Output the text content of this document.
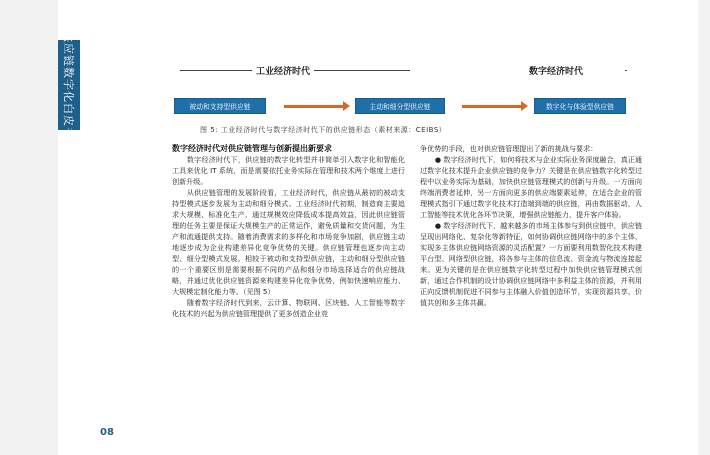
供应链数字化白皮书	工业经济时代	数字经济时代
被动和支持型供应链	主动和细分型供应链	数字化与体验型供应链
图 5: 工业经济时代与数字经济时代下的供应链形态（素材来源：CEIBS）
数字经济时代对供应链管理与创新提出新要求

数字经济时代下，供应链的数字化转型并非简单引入数字化和智能化工具来优化 IT 系统，而是需要依托业务实际在管理和技术两个维度上进行创新升级。

从供应链管理的发展阶段看，工业经济时代，供应链从最初的被动支持型模式逐步发展为主动和细分模式。工业经济时代初期，制造商主要追求大规模、标准化生产，通过规模效应降低成本提高效益，因此供应链管理的任务主要是保证大规模生产的正常运作，避免质量和交货问题，为生产和流通提供支持。随着消费需求的多样化和市场竞争加剧，供应链主动地逐步成为企业构建差异化竞争优势的关键。供应链管理也逐步向主动型、细分型模式发展。相较于被动和支持型供应链，主动和细分型供应链的一个重要区别是需要根据不同的产品和细分市场选择适合的供应链战略，并通过优化供应链资源来构建差异化竞争优势，例如快速响应能力、大规模定制化能力等。（见图 5）

随着数字经济时代到来，云计算、物联网、区块链、人工智能等数字化技术的兴起为供应链管理提供了更多创造企业竞

争优势的手段，也对供应链管理提出了新的挑战与要求：

● 数字经济时代下，如何将技术与企业实际业务深度融合，真正通过数字化技术提升企业供应链的竞争力？关键是在供应链数字化转型过程中以业务实际为基础，加快供应链管理模式的创新与升级。一方面向终端消费者延伸，另一方面向更多的供应端要素延伸，在适合企业的管理模式指引下通过数字化技术打造端到端的供应链，再由数据驱动，人工智能等技术优化各环节决策，增强供应链能力，提升客户体验。

● 数字经济时代下，越来越多的市场主体参与到供应链中，供应链呈现出网络化、复杂化等新特征，如何协调供应链网络中的多个主体，实现多主体供应链网络资源的灵活配置？一方面要利用数智化技术构建平台型、网络型供应链，将各参与主体的信息流、资金流与物流连接起来。更为关键的是在供应链数字化转型过程中加快供应链管理模式创新，通过合作机制的设计协调供应链网络中多利益主体的资源，并利用正向反馈机制促进不同参与主体融入价值创造环节，实现资源共享、价值共创和多主体共赢。

08
